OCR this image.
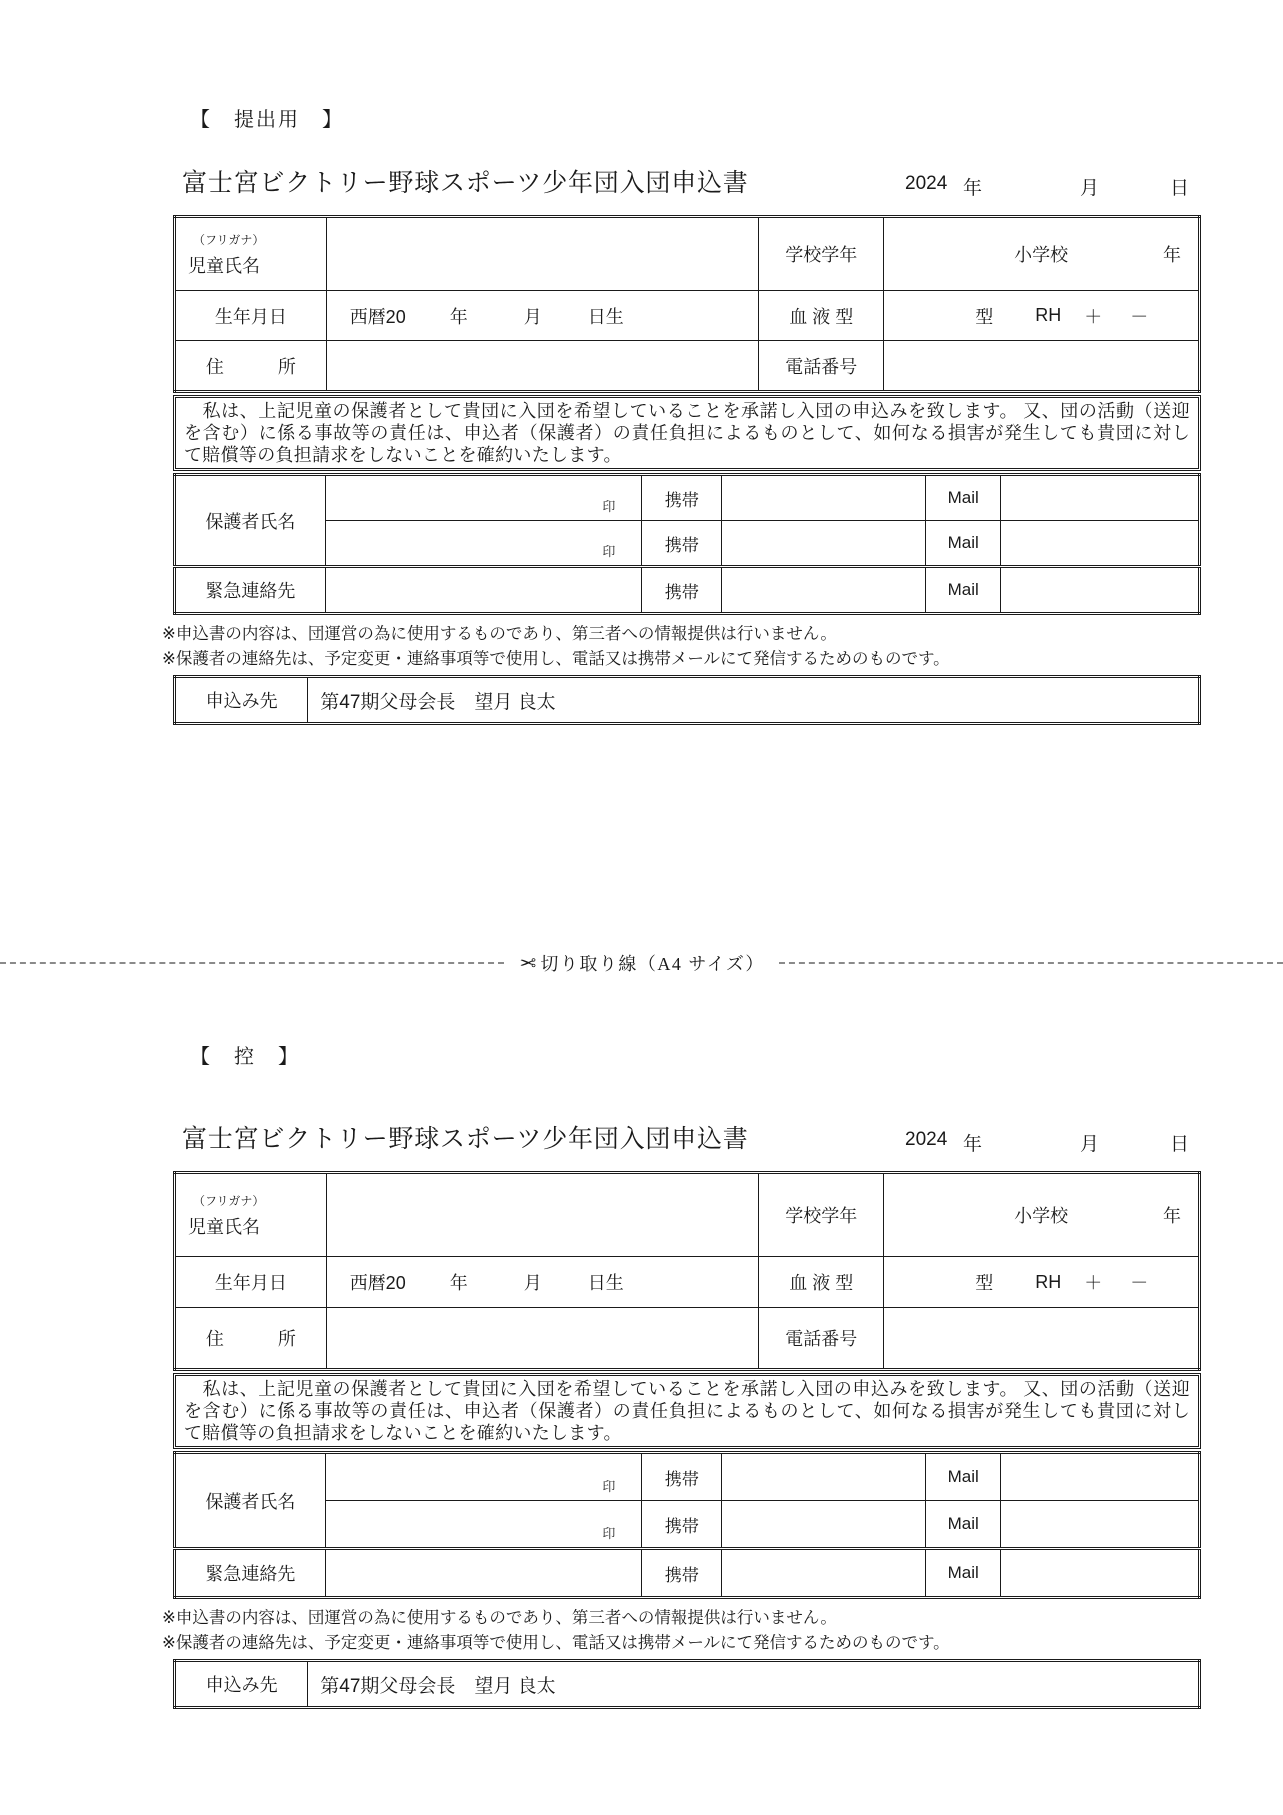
【　提出用　】
富士宮ビクトリー野球スポーツ少年団入団申込書	2024 年	月	日
（フリガナ）
児童氏名
		学校学年	小学校	年

生年月日	西暦20 年 月 日生	血 液 型	型 RH ＋ －

住　　　所		電話番号	

　私は、上記児童の保護者として貴団に入団を希望していることを承諾し入団の申込みを致します。 又、団の活動（送迎を含む）に係る事故等の責任は、申込者（保護者）の責任負担によるものとして、如何なる損害が発生しても貴団に対して賠償等の負担請求をしないことを確約いたします。

保護者氏名	印	携帯		Mail	

	印	携帯		Mail	
緊急連絡先		携帯		Mail	
※申込書の内容は、団運営の為に使用するものであり、第三者への情報提供は行いません。
※保護者の連絡先は、予定変更・連絡事項等で使用し、電話又は携帯メールにて発信するためのものです。
申込み先	第47期父母会長　望月 良太
✂ 切り取り線（A4 サイズ）
【　控　】
富士宮ビクトリー野球スポーツ少年団入団申込書	2024 年	月	日
（フリガナ）
児童氏名
		学校学年	小学校	年

生年月日	西暦20 年 月 日生	血 液 型	型 RH ＋ －

住　　　所		電話番号	

　私は、上記児童の保護者として貴団に入団を希望していることを承諾し入団の申込みを致します。 又、団の活動（送迎を含む）に係る事故等の責任は、申込者（保護者）の責任負担によるものとして、如何なる損害が発生しても貴団に対して賠償等の負担請求をしないことを確約いたします。

保護者氏名	印	携帯		Mail	

	印	携帯		Mail	
緊急連絡先		携帯		Mail	
※申込書の内容は、団運営の為に使用するものであり、第三者への情報提供は行いません。
※保護者の連絡先は、予定変更・連絡事項等で使用し、電話又は携帯メールにて発信するためのものです。
申込み先	第47期父母会長　望月 良太
